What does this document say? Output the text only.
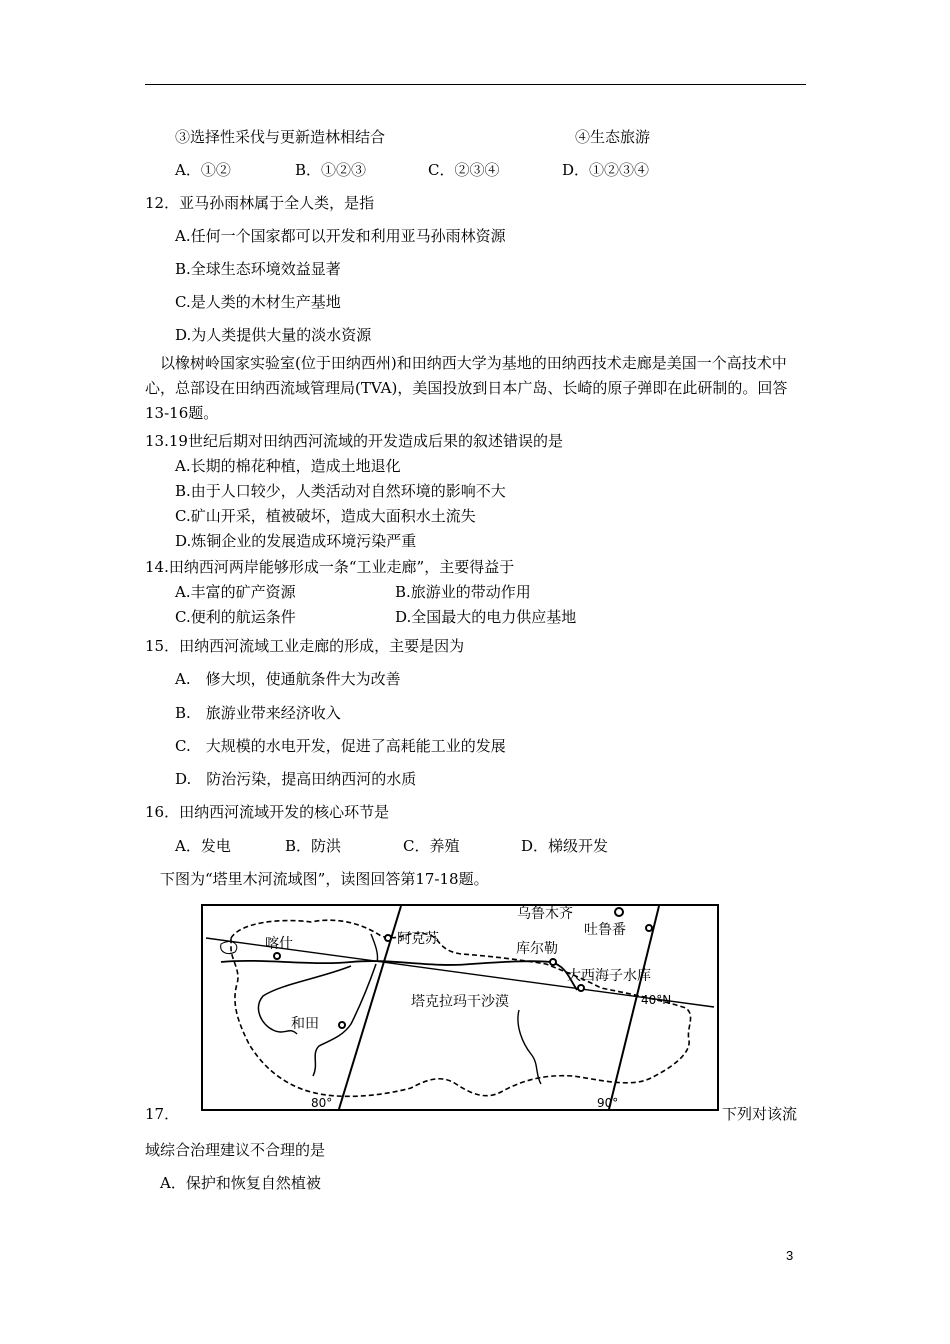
③选择性采伐与更新造林相结合	④生态旅游
A．①②	B．①②③	C．②③④	D．①②③④
12．亚马孙雨林属于全人类，是指
A.任何一个国家都可以开发和利用亚马孙雨林资源
B.全球生态环境效益显著
C.是人类的木材生产基地
D.为人类提供大量的淡水资源
以橡树岭国家实验室(位于田纳西州)和田纳西大学为基地的田纳西技术走廊是美国一个高技术中心，总部设在田纳西流域管理局(TVA)，美国投放到日本广岛、长崎的原子弹即在此研制的。回答13-16题。
13.19世纪后期对田纳西河流域的开发造成后果的叙述错误的是
A.长期的棉花种植，造成土地退化
B.由于人口较少，人类活动对自然环境的影响不大
C.矿山开采，植被破坏，造成大面积水土流失
D.炼铜企业的发展造成环境污染严重
14.田纳西河两岸能够形成一条“工业走廊”，主要得益于
A.丰富的矿产资源	B.旅游业的带动作用
C.便利的航运条件	D.全国最大的电力供应基地
15．田纳西河流域工业走廊的形成，主要是因为
A.　修大坝，使通航条件大为改善
B.　旅游业带来经济收入
C.　大规模的水电开发，促进了高耗能工业的发展
D.　防治污染，提高田纳西河的水质
16．田纳西河流域开发的核心环节是
A．发电	B．防洪	C．养殖	D．梯级开发
下图为“塔里木河流域图”，读图回答第17-18题。
乌鲁木齐
吐鲁番
喀什	阿克苏
库尔勒
大西海子水库
塔克拉玛干沙漠
和田
40°N
80°	90°
17．	下列对该流
域综合治理建议不合理的是
A．保护和恢复自然植被
3
